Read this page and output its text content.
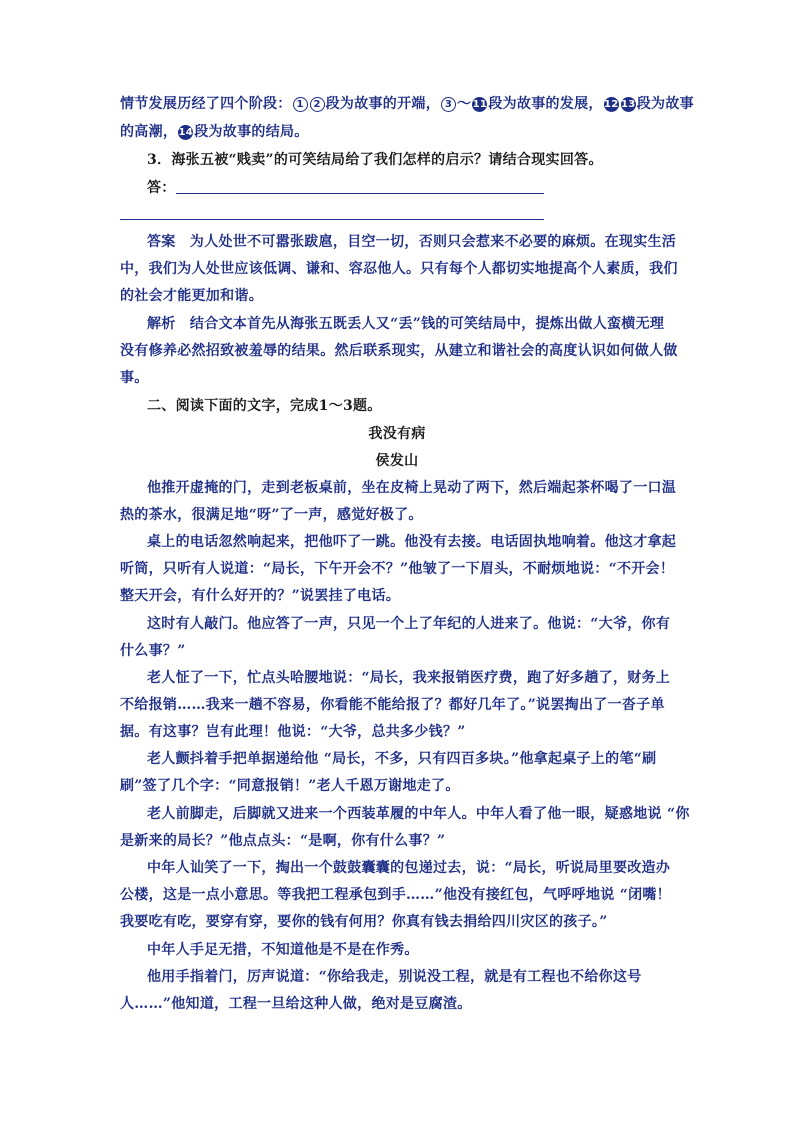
情节发展历经了四个阶段： 1 2 段为故事的开端， 3 ～11段为故事的发展，12 13段为故事
的高潮，14段为故事的结局。
3．海张五被“贱卖”的可笑结局给了我们怎样的启示？请结合现实回答。
答：
答案　为人处世不可嚣张跋扈，目空一切，否则只会惹来不必要的麻烦。在现实生活
中，我们为人处世应该低调、谦和、容忍他人。只有每个人都切实地提高个人素质，我们
的社会才能更加和谐。
解析　结合文本首先从海张五既丢人又“丢”钱的可笑结局中，提炼出做人蛮横无理
没有修养必然招致被羞辱的结果。然后联系现实，从建立和谐社会的高度认识如何做人做
事。
二、阅读下面的文字，完成1～3题。
我没有病
侯发山
他推开虚掩的门，走到老板桌前，坐在皮椅上晃动了两下，然后端起茶杯喝了一口温
热的茶水，很满足地“呀”了一声，感觉好极了。
桌上的电话忽然响起来，把他吓了一跳。他没有去接。电话固执地响着。他这才拿起
听筒，只听有人说道：“局长，下午开会不？”他皱了一下眉头，不耐烦地说：“不开会！
整天开会，有什么好开的？”说罢挂了电话。
这时有人敲门。他应答了一声，只见一个上了年纪的人进来了。他说：“大爷，你有
什么事？”
老人怔了一下，忙点头哈腰地说：“局长，我来报销医疗费，跑了好多趟了，财务上
不给报销……我来一趟不容易，你看能不能给报了？都好几年了。”说罢掏出了一沓子单
据。有这事？岂有此理！他说：“大爷，总共多少钱？”
老人颤抖着手把单据递给他 “局长，不多，只有四百多块。”他拿起桌子上的笔“刷
刷”签了几个字：“同意报销！”老人千恩万谢地走了。
老人前脚走，后脚就又进来一个西装革履的中年人。中年人看了他一眼，疑惑地说 “你
是新来的局长？”他点点头：“是啊，你有什么事？”
中年人讪笑了一下，掏出一个鼓鼓囊囊的包递过去，说：“局长，听说局里要改造办
公楼，这是一点小意思。等我把工程承包到手……”他没有接红包，气呼呼地说 “闭嘴！
我要吃有吃，要穿有穿，要你的钱有何用？你真有钱去捐给四川灾区的孩子。”
中年人手足无措，不知道他是不是在作秀。
他用手指着门，厉声说道：“你给我走，别说没工程，就是有工程也不给你这号
人……”他知道，工程一旦给这种人做，绝对是豆腐渣。
